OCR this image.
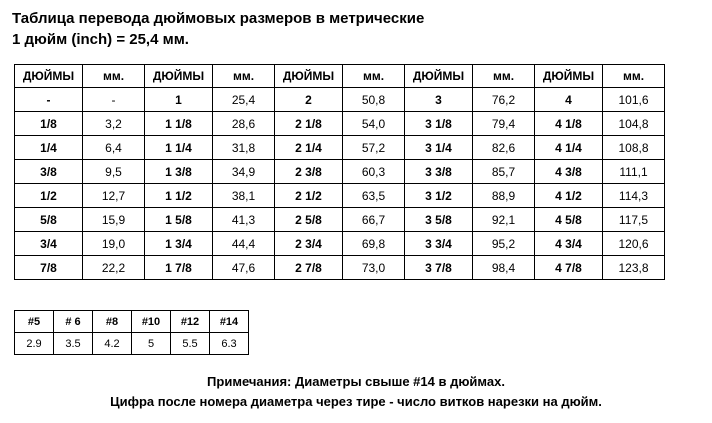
Таблица перевода дюймовых размеров в метрические
1 дюйм (inch) = 25,4 мм.
ДЮЙМЫ	мм.	ДЮЙМЫ	мм.	ДЮЙМЫ	мм.	ДЮЙМЫ	мм.	ДЮЙМЫ	мм.
-	-	1	25,4	2	50,8	3	76,2	4	101,6
1/8	3,2	1 1/8	28,6	2 1/8	54,0	3 1/8	79,4	4 1/8	104,8
1/4	6,4	1 1/4	31,8	2 1/4	57,2	3 1/4	82,6	4 1/4	108,8
3/8	9,5	1 3/8	34,9	2 3/8	60,3	3 3/8	85,7	4 3/8	111,1
1/2	12,7	1 1/2	38,1	2 1/2	63,5	3 1/2	88,9	4 1/2	114,3
5/8	15,9	1 5/8	41,3	2 5/8	66,7	3 5/8	92,1	4 5/8	117,5
3/4	19,0	1 3/4	44,4	2 3/4	69,8	3 3/4	95,2	4 3/4	120,6
7/8	22,2	1 7/8	47,6	2 7/8	73,0	3 7/8	98,4	4 7/8	123,8
#5	# 6	#8	#10	#12	#14
2.9	3.5	4.2	5	5.5	6.3
Примечания: Диаметры свыше #14 в дюймах.
Цифра после номера диаметра через тире - число витков нарезки на дюйм.
